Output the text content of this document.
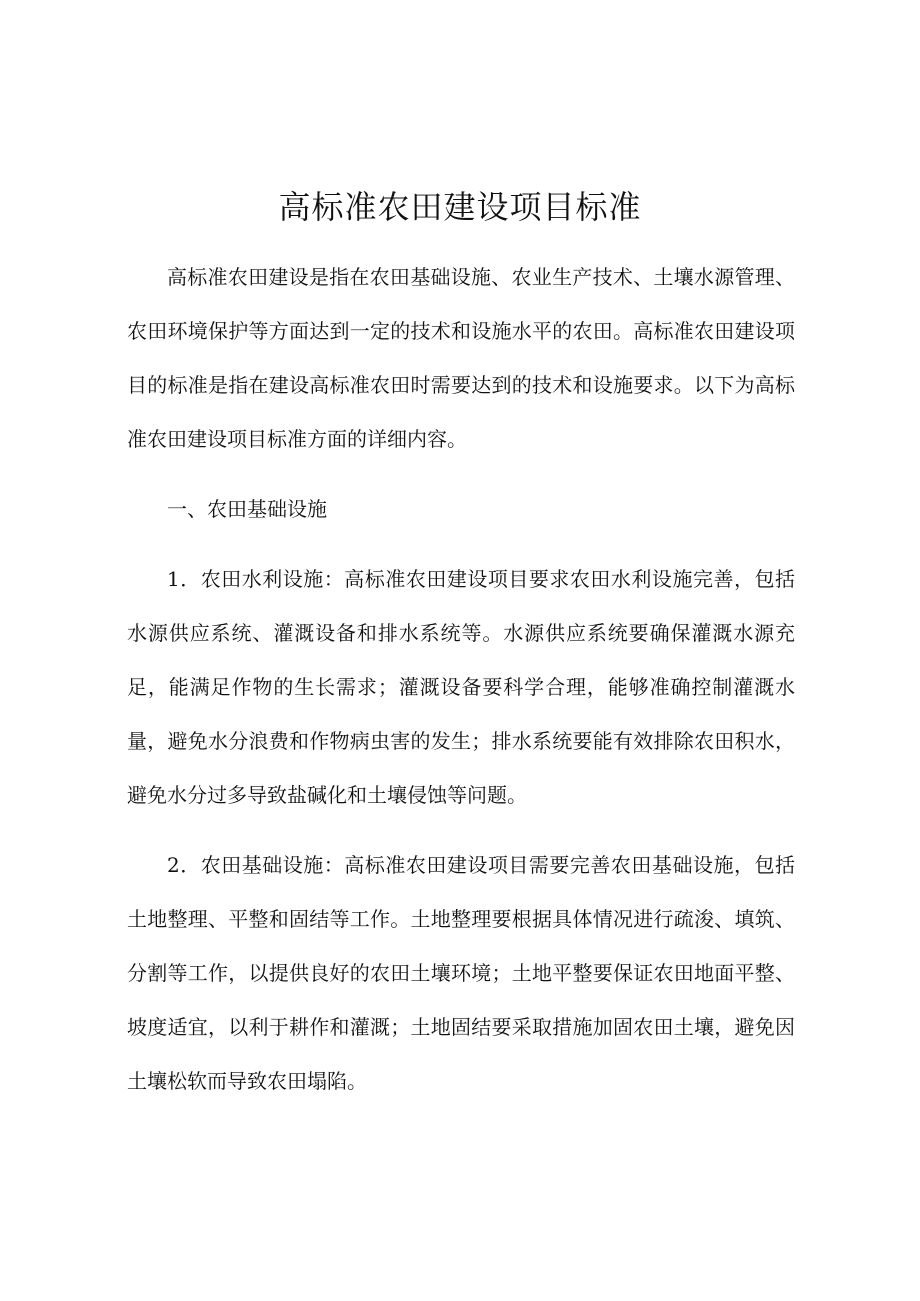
高标准农田建设项目标准

高标准农田建设是指在农田基础设施、农业生产技术、土壤水源管理、农田环境保护等方面达到一定的技术和设施水平的农田。高标准农田建设项目的标准是指在建设高标准农田时需要达到的技术和设施要求。以下为高标准农田建设项目标准方面的详细内容。

一、农田基础设施

1．农田水利设施：高标准农田建设项目要求农田水利设施完善，包括水源供应系统、灌溉设备和排水系统等。水源供应系统要确保灌溉水源充足，能满足作物的生长需求；灌溉设备要科学合理，能够准确控制灌溉水量，避免水分浪费和作物病虫害的发生；排水系统要能有效排除农田积水，避免水分过多导致盐碱化和土壤侵蚀等问题。

2．农田基础设施：高标准农田建设项目需要完善农田基础设施，包括土地整理、平整和固结等工作。土地整理要根据具体情况进行疏浚、填筑、分割等工作，以提供良好的农田土壤环境；土地平整要保证农田地面平整、坡度适宜，以利于耕作和灌溉；土地固结要采取措施加固农田土壤，避免因土壤松软而导致农田塌陷。
